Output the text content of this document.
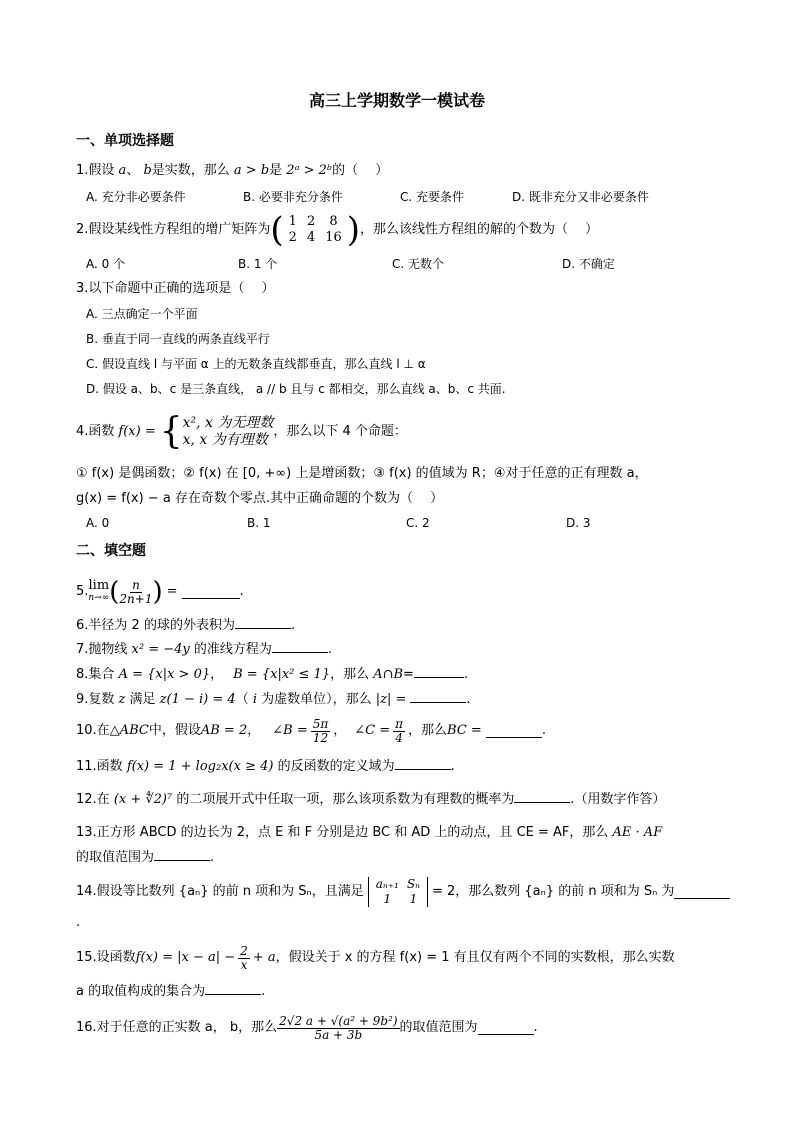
高三上学期数学一模试卷
一、单项选择题
1.假设 a、 b是实数，那么 a > b是 2ᵃ > 2ᵇ的（　 ）
A. 充分非必要条件	B. 必要非充分条件	C. 充要条件	D. 既非充分又非必要条件
2.假设某线性方程组的增广矩阵为 ( 1	2	8
2	4	16 ) ，那么该线性方程组的解的个数为（　 ）
A. 0 个	B. 1 个	C. 无数个	D. 不确定
3.以下命题中正确的选项是（　 ）
A. 三点确定一个平面
B. 垂直于同一直线的两条直线平行
C. 假设直线 l 与平面 α 上的无数条直线都垂直，那么直线 l ⊥ α
D. 假设 a、b、c 是三条直线， a // b 且与 c 都相交，那么直线 a、b、c 共面.
4.函数 f(x) = { x², x 为无理数
x, x 为有理数
，那么以下 4 个命题：
① f(x) 是偶函数；② f(x) 在 [0, +∞) 上是增函数；③ f(x) 的值域为 R；④对于任意的正有理数 a，
g(x) = f(x) − a 存在奇数个零点.其中正确命题的个数为（　 ）
A. 0	B. 1	C. 2	D. 3
二、填空题
5. lim
n→∞ ( $\frac{n}{2n+1}$ ) =	.
6.半径为 2 的球的外表积为	.
7.抛物线 x² = −4y 的准线方程为	.
8.集合 A = {x|x > 0}， B = {x|x² ≤ 1}，那么 A∩B=	.
9.复数 z 满足 z(1 − i) = 4（ i 为虚数单位），那么 |z| =	.
10.在 △ABC 中，假设 AB = 2 ， ∠B = $\frac{5\pi}{12}$ ， ∠C = $\frac{\pi}{4}$ ，那么 BC =	.
11.函数 f(x) = 1 + log₂x(x ≥ 4) 的反函数的定义域为	.
12.在 (x + ∜2)⁷ 的二项展开式中任取一项，那么该项系数为有理数的概率为	.（用数字作答）
13.正方形 ABCD 的边长为 2，点 E 和 F 分别是边 BC 和 AD 上的动点，且 CE = AF，那么 AE · AF
的取值范围为	.
14.假设等比数列 {aₙ} 的前 n 项和为 Sₙ，且满足 aₙ₊₁	Sₙ
1	1 = 2，那么数列 {aₙ} 的前 n 项和为 Sₙ 为
.
15.设函数 $f(x) = |x - a| - \frac{2}{x} + a$ ，假设关于 x 的方程 f(x) = 1 有且仅有两个不同的实数根，那么实数
a 的取值构成的集合为	.
16.对于任意的正实数 a， b，那么 $\frac{\text{2√2 a + √(a² + 9b²)}}{5a + 3b}$ 的取值范围为	.
